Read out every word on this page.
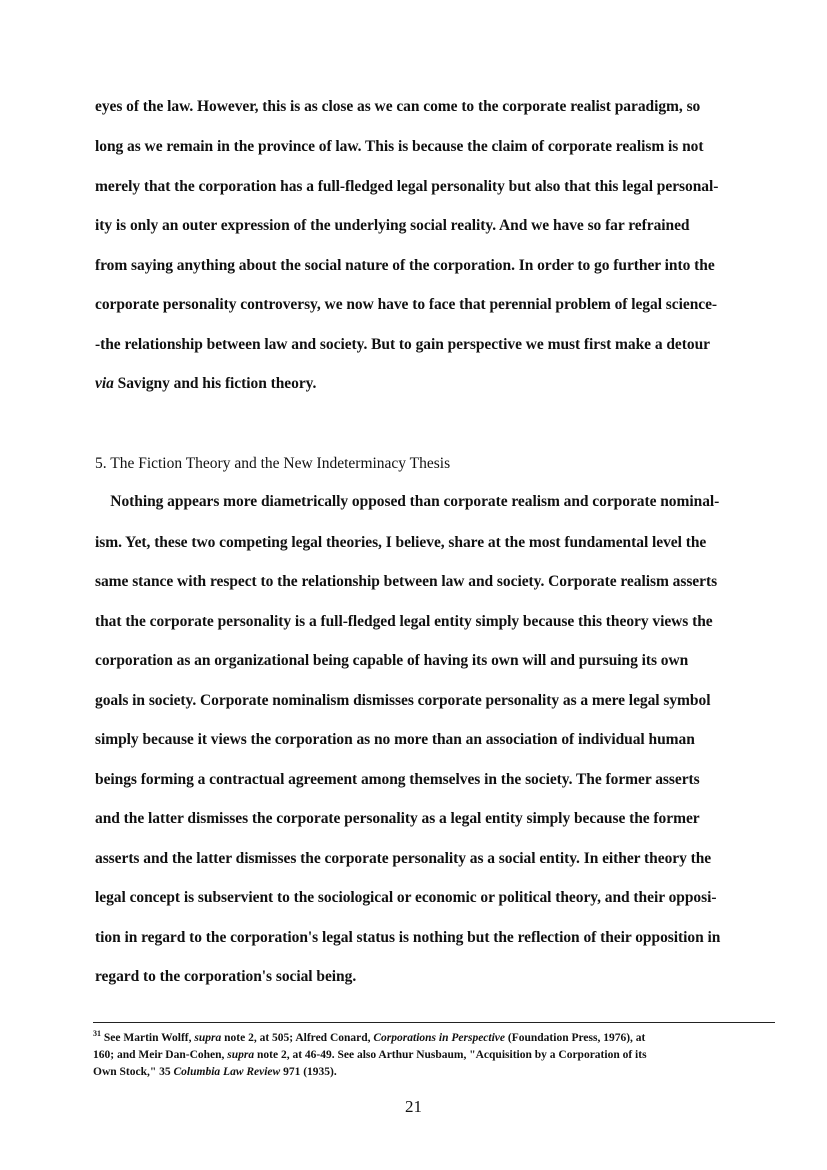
eyes of the law. However, this is as close as we can come to the corporate realist paradigm, so
long as we remain in the province of law. This is because the claim of corporate realism is not
merely that the corporation has a full-fledged legal personality but also that this legal personal-
ity is only an outer expression of the underlying social reality. And we have so far refrained
from saying anything about the social nature of the corporation. In order to go further into the
corporate personality controversy, we now have to face that perennial problem of legal science-
-the relationship between law and society. But to gain perspective we must first make a detour
via Savigny and his fiction theory.
5. The Fiction Theory and the New Indeterminacy Thesis
Nothing appears more diametrically opposed than corporate realism and corporate nominal-
ism. Yet, these two competing legal theories, I believe, share at the most fundamental level the
same stance with respect to the relationship between law and society. Corporate realism asserts
that the corporate personality is a full-fledged legal entity simply because this theory views the
corporation as an organizational being capable of having its own will and pursuing its own
goals in society. Corporate nominalism dismisses corporate personality as a mere legal symbol
simply because it views the corporation as no more than an association of individual human
beings forming a contractual agreement among themselves in the society. The former asserts
and the latter dismisses the corporate personality as a legal entity simply because the former
asserts and the latter dismisses the corporate personality as a social entity. In either theory the
legal concept is subservient to the sociological or economic or political theory, and their opposi-
tion in regard to the corporation's legal status is nothing but the reflection of their opposition in
regard to the corporation's social being.
$^{31}$ See Martin Wolff, supra note 2, at 505; Alfred Conard, Corporations in Perspective (Foundation Press, 1976), at
160; and Meir Dan-Cohen, supra note 2, at 46-49. See also Arthur Nusbaum, "Acquisition by a Corporation of its
Own Stock," 35 Columbia Law Review 971 (1935).
21
